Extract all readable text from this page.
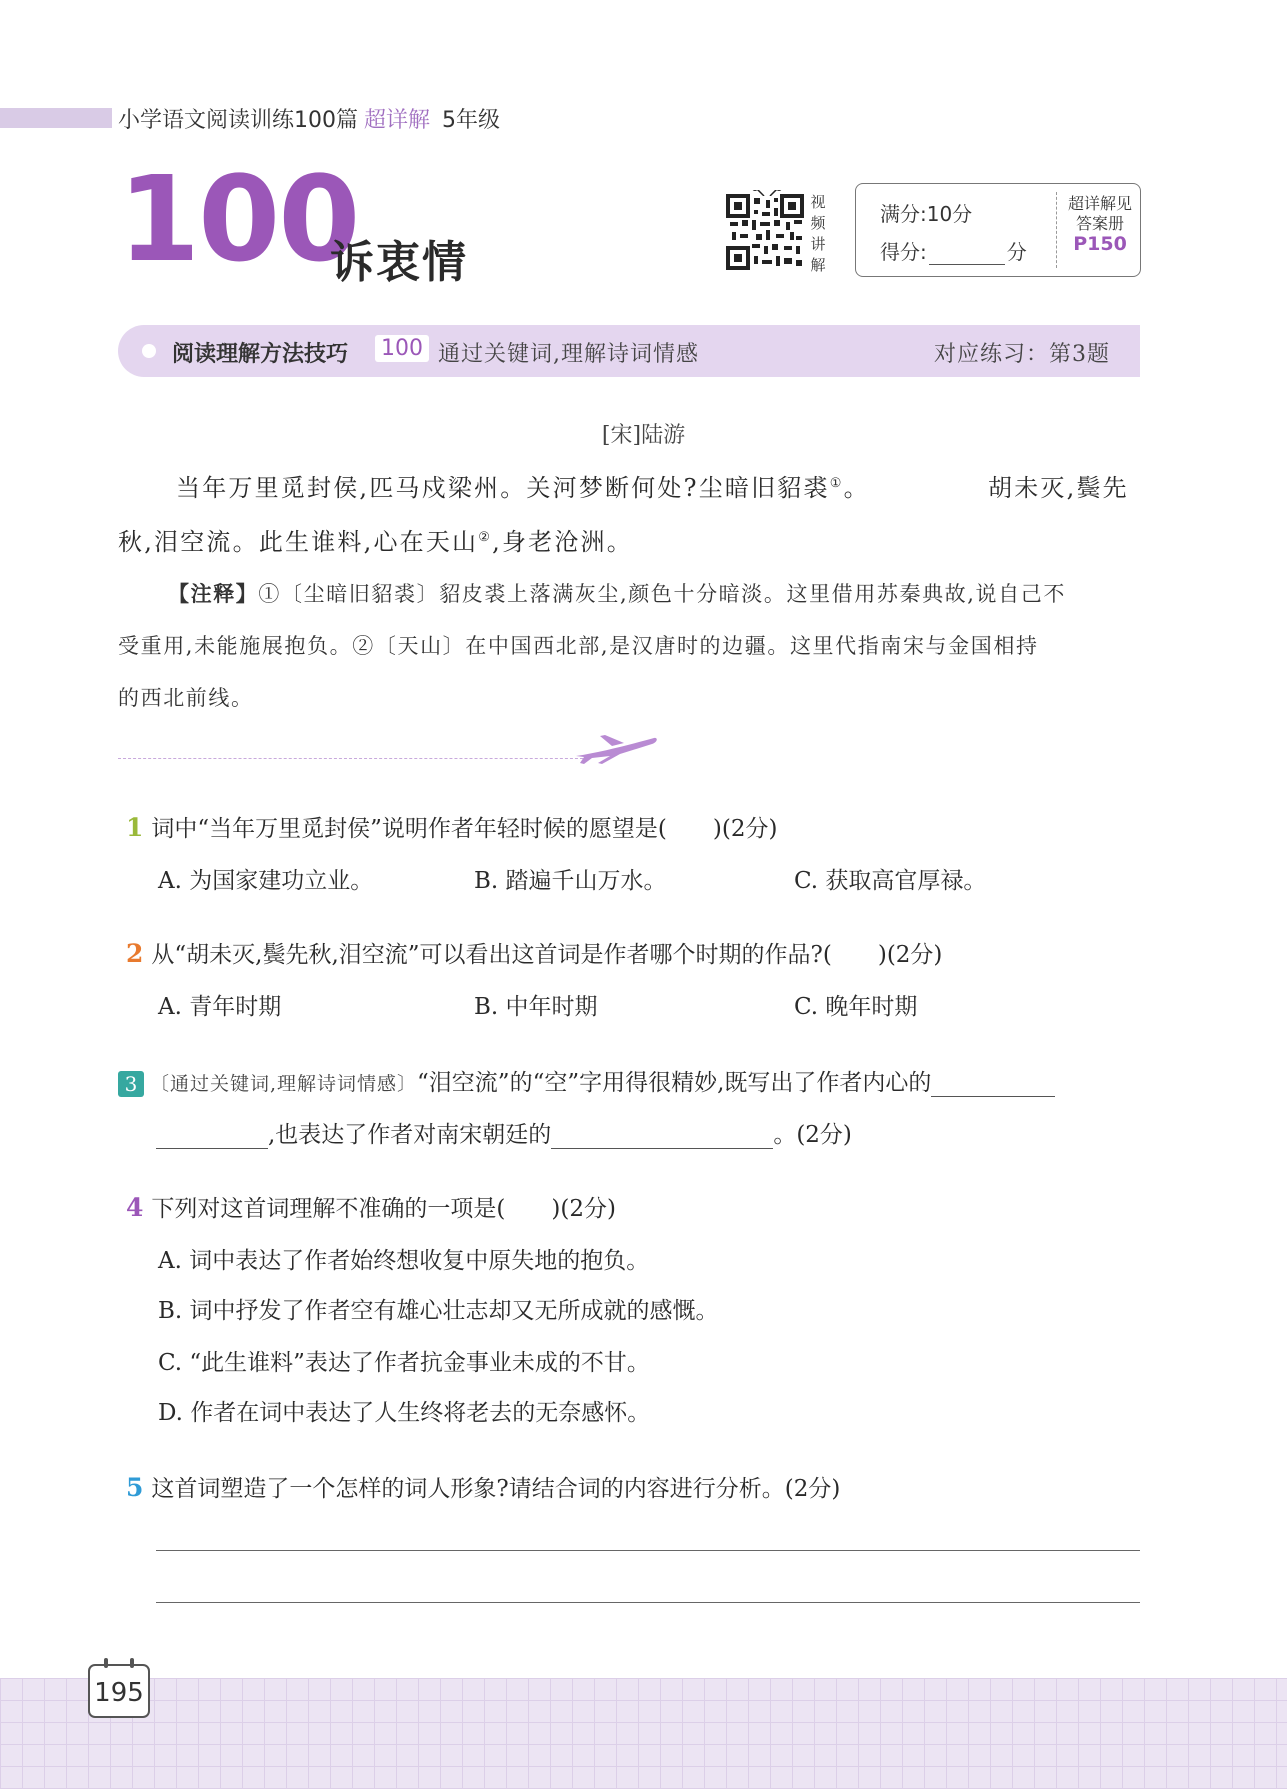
小学语文阅读训练100篇 超详解 5年级
100
诉衷情
视
频
讲
解
满分:10分
得分:	分
超详解见
答案册
P150
阅读理解方法技巧 100 通过关键词,理解诗词情感	对应练习：第3题
[宋]陆游
当年万里觅封侯,匹马戍梁州。关河梦断何处?尘暗旧貂裘①。	胡未灭,鬓先
秋,泪空流。此生谁料,心在天山②,身老沧洲。
【注释】①〔尘暗旧貂裘〕貂皮裘上落满灰尘,颜色十分暗淡。这里借用苏秦典故,说自己不
受重用,未能施展抱负。②〔天山〕在中国西北部,是汉唐时的边疆。这里代指南宋与金国相持
的西北前线。
1 词中“当年万里觅封侯”说明作者年轻时候的愿望是(　　)(2分)
A. 为国家建功立业。	B. 踏遍千山万水。	C. 获取高官厚禄。
2 从“胡未灭,鬓先秋,泪空流”可以看出这首词是作者哪个时期的作品?(　　)(2分)
A. 青年时期	B. 中年时期	C. 晚年时期
3 〔通过关键词,理解诗词情感〕“泪空流”的“空”字用得很精妙,既写出了作者内心的
,也表达了作者对南宋朝廷的	。(2分)
4 下列对这首词理解不准确的一项是(　　)(2分)
A. 词中表达了作者始终想收复中原失地的抱负。
B. 词中抒发了作者空有雄心壮志却又无所成就的感慨。
C. “此生谁料”表达了作者抗金事业未成的不甘。
D. 作者在词中表达了人生终将老去的无奈感怀。
5 这首词塑造了一个怎样的词人形象?请结合词的内容进行分析。(2分)
195
